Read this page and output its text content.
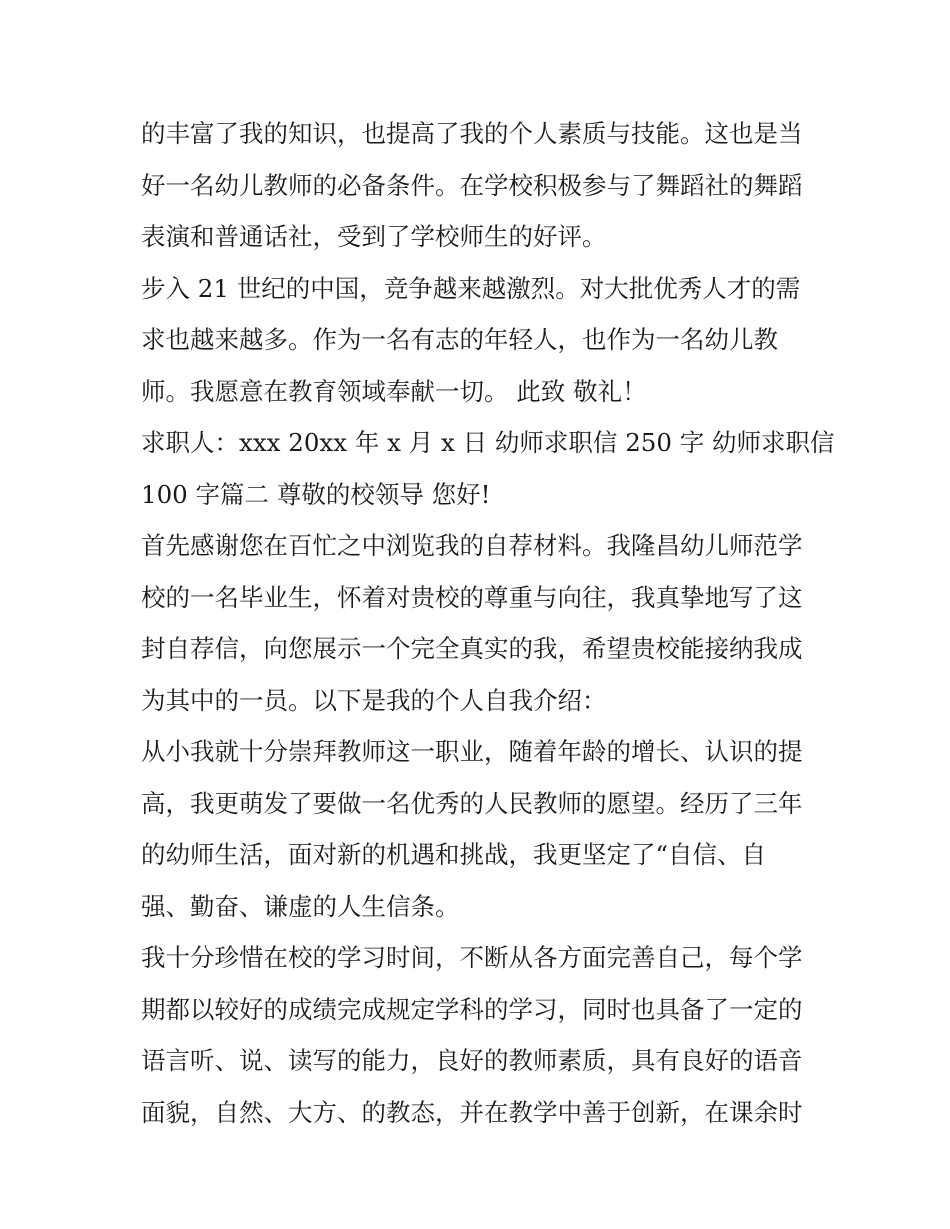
的丰富了我的知识，也提高了我的个人素质与技能。这也是当
好一名幼儿教师的必备条件。在学校积极参与了舞蹈社的舞蹈
表演和普通话社，受到了学校师生的好评。
步入 21 世纪的中国，竞争越来越激烈。对大批优秀人才的需
求也越来越多。作为一名有志的年轻人，也作为一名幼儿教
师。我愿意在教育领域奉献一切。 此致 敬礼！
求职人：xxx 20xx 年 x 月 x 日 幼师求职信 250 字 幼师求职信
100 字篇二 尊敬的校领导 您好!
首先感谢您在百忙之中浏览我的自荐材料。我隆昌幼儿师范学
校的一名毕业生，怀着对贵校的尊重与向往，我真挚地写了这
封自荐信，向您展示一个完全真实的我，希望贵校能接纳我成
为其中的一员。以下是我的个人自我介绍：
从小我就十分崇拜教师这一职业，随着年龄的增长、认识的提
高，我更萌发了要做一名优秀的人民教师的愿望。经历了三年
的幼师生活，面对新的机遇和挑战，我更坚定了“自信、自
强、勤奋、谦虚的人生信条。
我十分珍惜在校的学习时间，不断从各方面完善自己，每个学
期都以较好的成绩完成规定学科的学习，同时也具备了一定的
语言听、说、读写的能力，良好的教师素质，具有良好的语音
面貌，自然、大方、的教态，并在教学中善于创新，在课余时
